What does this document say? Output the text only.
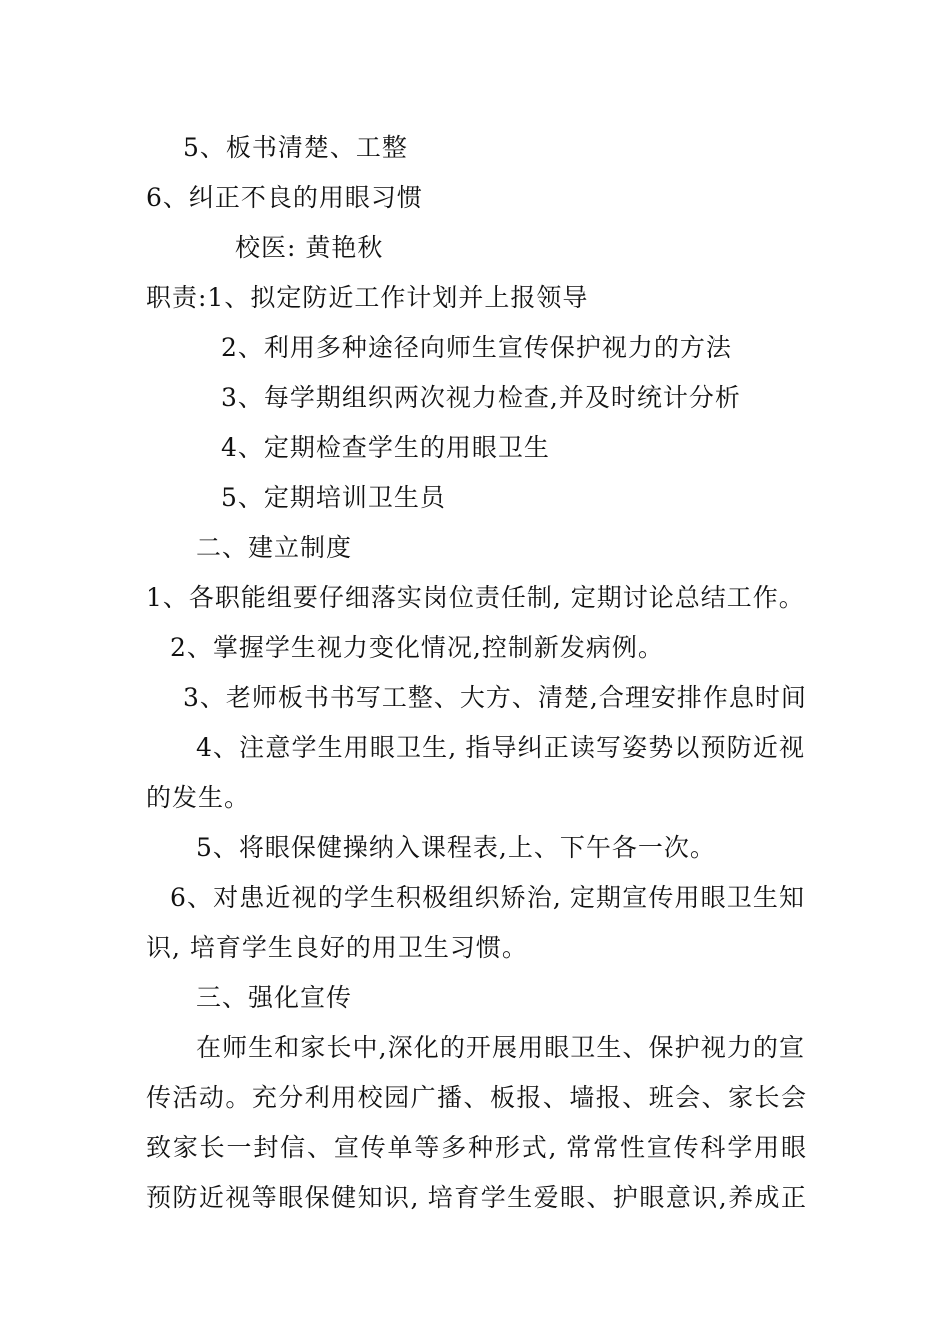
5、板书清楚、工整
6、纠正不良的用眼习惯
校医: 黄艳秋
职责:1、拟定防近工作计划并上报领导
2、利用多种途径向师生宣传保护视力的方法
3、每学期组织两次视力检查,并及时统计分析
4、定期检查学生的用眼卫生
5、定期培训卫生员
二、建立制度
1、各职能组要仔细落实岗位责任制, 定期讨论总结工作。
2、掌握学生视力变化情况,控制新发病例。
3、老师板书书写工整、大方、清楚,合理安排作息时间
4、注意学生用眼卫生, 指导纠正读写姿势以预防近视
的发生。
5、将眼保健操纳入课程表,上、下午各一次。
6、对患近视的学生积极组织矫治, 定期宣传用眼卫生知
识, 培育学生良好的用卫生习惯。
三、强化宣传
在师生和家长中,深化的开展用眼卫生、保护视力的宣
传活动。充分利用校园广播、板报、墙报、班会、家长会
致家长一封信、宣传单等多种形式, 常常性宣传科学用眼
预防近视等眼保健知识, 培育学生爱眼、护眼意识,养成正
